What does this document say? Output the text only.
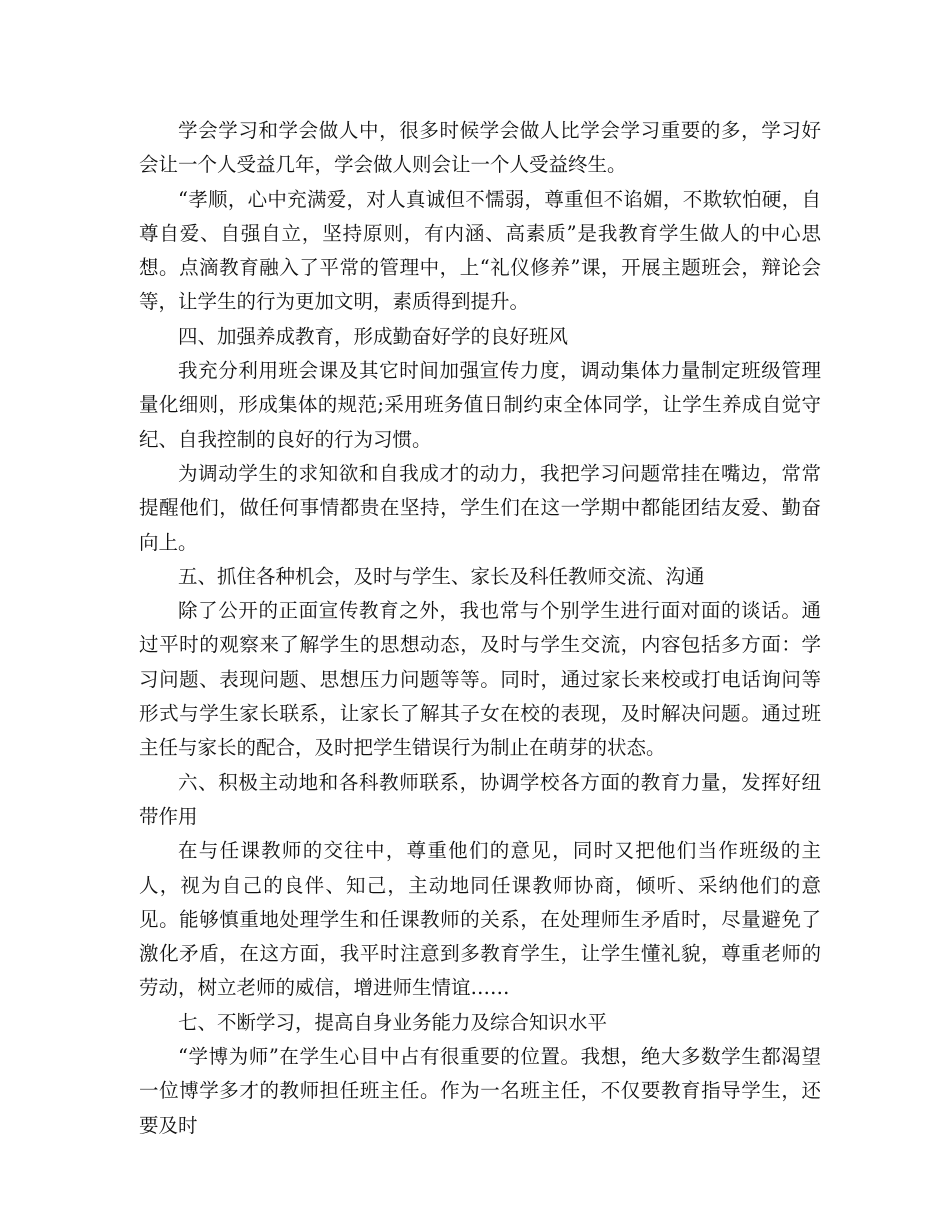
学会学习和学会做人中，很多时候学会做人比学会学习重要的多，学习好会让一个人受益几年，学会做人则会让一个人受益终生。

“孝顺，心中充满爱，对人真诚但不懦弱，尊重但不谄媚，不欺软怕硬，自尊自爱、自强自立，坚持原则，有内涵、高素质”是我教育学生做人的中心思想。点滴教育融入了平常的管理中，上“礼仪修养”课，开展主题班会，辩论会等，让学生的行为更加文明，素质得到提升。

四、加强养成教育，形成勤奋好学的良好班风

我充分利用班会课及其它时间加强宣传力度，调动集体力量制定班级管理量化细则，形成集体的规范;采用班务值日制约束全体同学，让学生养成自觉守纪、自我控制的良好的行为习惯。

为调动学生的求知欲和自我成才的动力，我把学习问题常挂在嘴边，常常提醒他们，做任何事情都贵在坚持，学生们在这一学期中都能团结友爱、勤奋向上。

五、抓住各种机会，及时与学生、家长及科任教师交流、沟通

除了公开的正面宣传教育之外，我也常与个别学生进行面对面的谈话。通过平时的观察来了解学生的思想动态，及时与学生交流，内容包括多方面：学习问题、表现问题、思想压力问题等等。同时，通过家长来校或打电话询问等形式与学生家长联系，让家长了解其子女在校的表现，及时解决问题。通过班主任与家长的配合，及时把学生错误行为制止在萌芽的状态。

六、积极主动地和各科教师联系，协调学校各方面的教育力量，发挥好纽带作用

在与任课教师的交往中，尊重他们的意见，同时又把他们当作班级的主人，视为自己的良伴、知己，主动地同任课教师协商，倾听、采纳他们的意见。能够慎重地处理学生和任课教师的关系，在处理师生矛盾时，尽量避免了激化矛盾，在这方面，我平时注意到多教育学生，让学生懂礼貌，尊重老师的劳动，树立老师的威信，增进师生情谊……

七、不断学习，提高自身业务能力及综合知识水平

“学博为师”在学生心目中占有很重要的位置。我想，绝大多数学生都渴望一位博学多才的教师担任班主任。作为一名班主任，不仅要教育指导学生，还要及时
